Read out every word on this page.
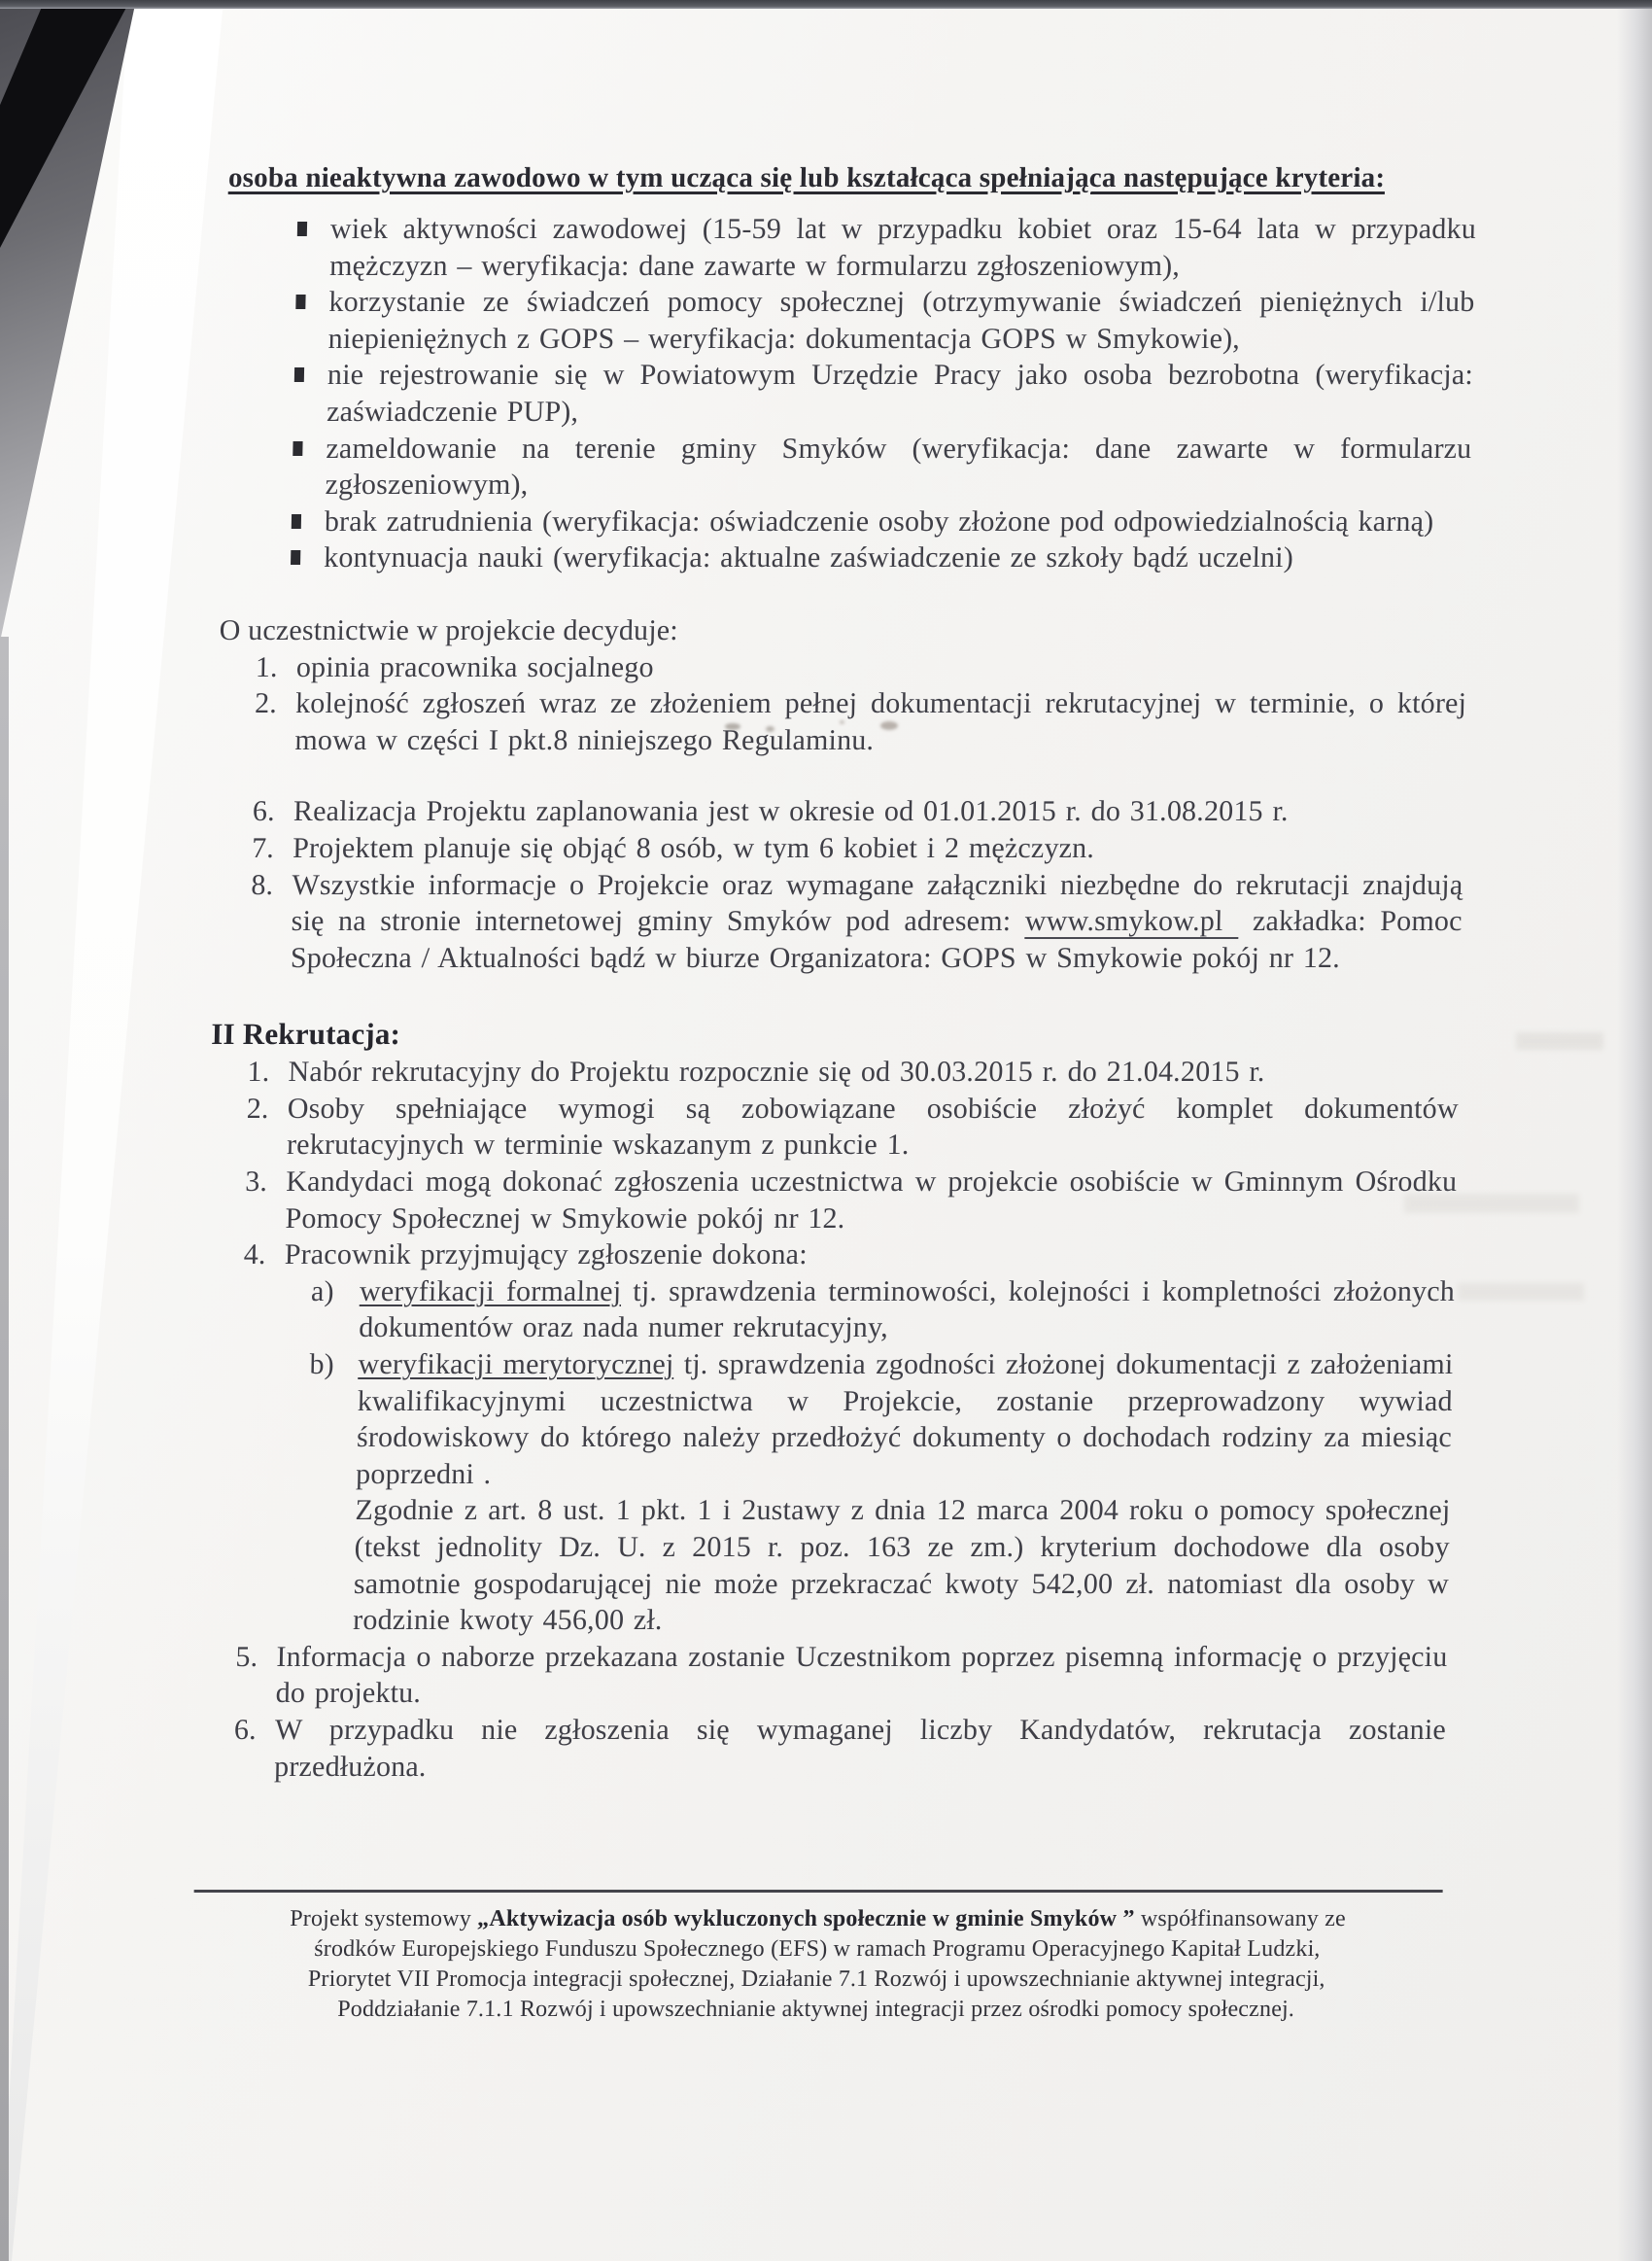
osoba nieaktywna zawodowo w tym ucząca się lub kształcąca spełniająca następujące kryteria:
wiek aktywności zawodowej (15-59 lat w przypadku kobiet oraz 15-64 lata w przypadku mężczyzn – weryfikacja: dane zawarte w formularzu zgłoszeniowym),
korzystanie ze świadczeń pomocy społecznej (otrzymywanie świadczeń pieniężnych i/lub niepieniężnych z GOPS – weryfikacja: dokumentacja GOPS w Smykowie),
nie rejestrowanie się w Powiatowym Urzędzie Pracy jako osoba bezrobotna (weryfikacja: zaświadczenie PUP),
zameldowanie na terenie gminy Smyków (weryfikacja: dane zawarte w formularzu zgłoszeniowym),
brak zatrudnienia (weryfikacja: oświadczenie osoby złożone pod odpowiedzialnością karną)
kontynuacja nauki (weryfikacja: aktualne zaświadczenie ze szkoły bądź uczelni)
O uczestnictwie w projekcie decyduje:
1. opinia pracownika socjalnego
2. kolejność zgłoszeń wraz ze złożeniem pełnej dokumentacji rekrutacyjnej w terminie, o której mowa w części I pkt.8 niniejszego Regulaminu.
6. Realizacja Projektu zaplanowania jest w okresie od 01.01.2015 r. do 31.08.2015 r.
7. Projektem planuje się objąć 8 osób, w tym 6 kobiet i 2 mężczyzn.
8. Wszystkie informacje o Projekcie oraz wymagane załączniki niezbędne do rekrutacji znajdują się na stronie internetowej gminy Smyków pod adresem: www.smykow.pl zakładka: Pomoc Społeczna / Aktualności bądź w biurze Organizatora: GOPS w Smykowie pokój nr 12.
II Rekrutacja:
1. Nabór rekrutacyjny do Projektu rozpocznie się od 30.03.2015 r. do 21.04.2015 r.
2. Osoby spełniające wymogi są zobowiązane osobiście złożyć komplet dokumentów rekrutacyjnych w terminie wskazanym z punkcie 1.
3. Kandydaci mogą dokonać zgłoszenia uczestnictwa w projekcie osobiście w Gminnym Ośrodku Pomocy Społecznej w Smykowie pokój nr 12.
4. Pracownik przyjmujący zgłoszenie dokona:
a) weryfikacji formalnej tj. sprawdzenia terminowości, kolejności i kompletności złożonych dokumentów oraz nada numer rekrutacyjny,
b) weryfikacji merytorycznej tj. sprawdzenia zgodności złożonej dokumentacji z założeniami kwalifikacyjnymi uczestnictwa w Projekcie, zostanie przeprowadzony wywiad środowiskowy do którego należy przedłożyć dokumenty o dochodach rodziny za miesiąc poprzedni .
Zgodnie z art. 8 ust. 1 pkt. 1 i 2ustawy z dnia 12 marca 2004 roku o pomocy społecznej (tekst jednolity Dz. U. z 2015 r. poz. 163 ze zm.) kryterium dochodowe dla osoby samotnie gospodarującej nie może przekraczać kwoty 542,00 zł. natomiast dla osoby w rodzinie kwoty 456,00 zł.
5. Informacja o naborze przekazana zostanie Uczestnikom poprzez pisemną informację o przyjęciu do projektu.
6. W przypadku nie zgłoszenia się wymaganej liczby Kandydatów, rekrutacja zostanie przedłużona.
Projekt systemowy „Aktywizacja osób wykluczonych społecznie w gminie Smyków ” współfinansowany ze
środków Europejskiego Funduszu Społecznego (EFS) w ramach Programu Operacyjnego Kapitał Ludzki,
Priorytet VII Promocja integracji społecznej, Działanie 7.1 Rozwój i upowszechnianie aktywnej integracji,
Poddziałanie 7.1.1 Rozwój i upowszechnianie aktywnej integracji przez ośrodki pomocy społecznej.
